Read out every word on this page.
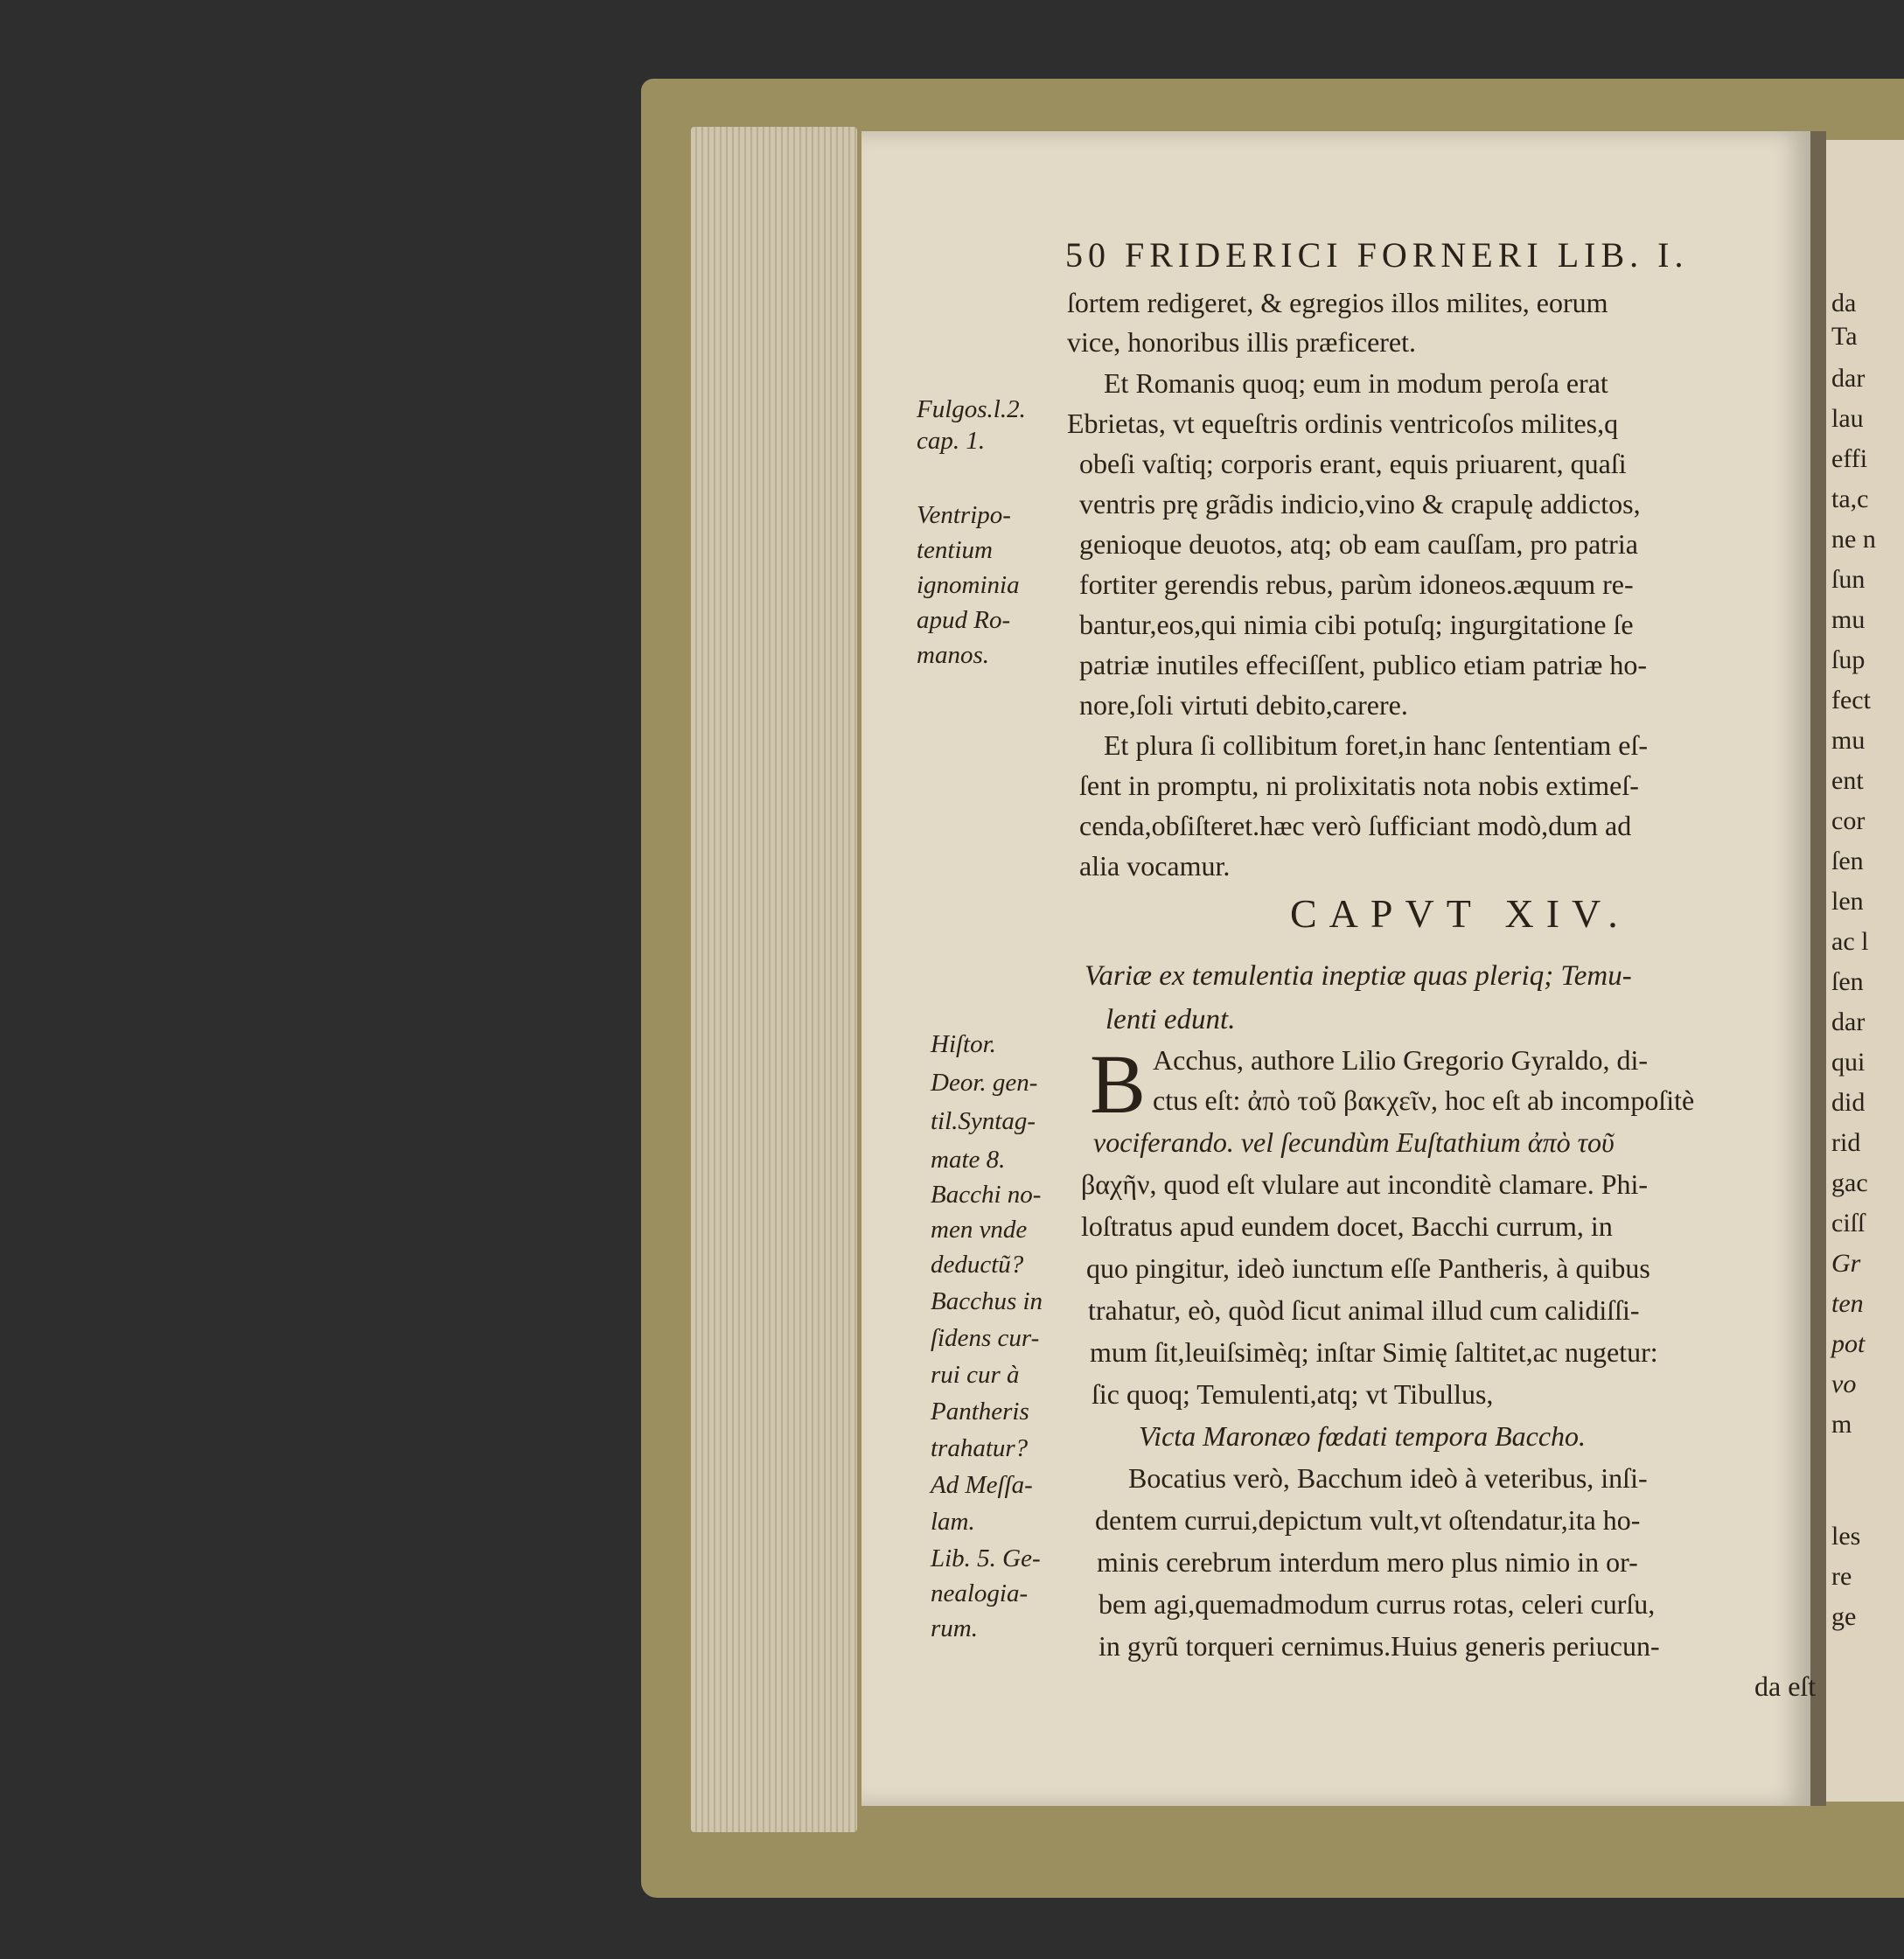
da
Ta
dar
lau
effi
ta,c
ne n
ſun
mu
ſup
fect
mu
ent
cor
ſen
len
ac l
ſen
dar
qui
did
rid
gac
ciſſ
Gr
ten
pot
vo
m
les
re
ge
50 FRIDERICI FORNERI LIB. I.
ſortem redigeret, & egregios illos milites, eorum
vice, honoribus illis præficeret.
Et Romanis quoq; eum in modum peroſa erat
Ebrietas, vt equeſtris ordinis ventricoſos milites,q
obeſi vaſtiq; corporis erant, equis priuarent, quaſi
ventris prę grãdis indicio,vino & crapulę addictos,
genioque deuotos, atq; ob eam cauſſam, pro patria
fortiter gerendis rebus, parùm idoneos.æquum re-
bantur,eos,qui nimia cibi potuſq; ingurgitatione ſe
patriæ inutiles effeciſſent, publico etiam patriæ ho-
nore,ſoli virtuti debito,carere.
Et plura ſi collibitum foret,in hanc ſententiam eſ-
ſent in promptu, ni prolixitatis nota nobis extimeſ-
cenda,obſiſteret.hæc verò ſufficiant modò,dum ad
alia vocamur.
CAPVT XIV.
Variæ ex temulentia ineptiæ quas pleriq; Temu-
lenti edunt.
B Acchus, authore Lilio Gregorio Gyraldo, di-
ctus eſt: ἀπὸ τοῦ βακχεῖν, hoc eſt ab incompoſitè
vociferando. vel ſecundùm Euſtathium ἀπὸ τοῦ
βαχῆν, quod eſt vlulare aut inconditè clamare. Phi-
loſtratus apud eundem docet, Bacchi currum, in
quo pingitur, ideò iunctum eſſe Pantheris, à quibus
trahatur, eò, quòd ſicut animal illud cum calidiſſi-
mum ſit,leuiſsimèq; inſtar Simię ſaltitet,ac nugetur:
ſic quoq; Temulenti,atq; vt Tibullus,
Victa Maronæo fœdati tempora Baccho.
Bocatius verò, Bacchum ideò à veteribus, inſi-
dentem currui,depictum vult,vt oſtendatur,ita ho-
minis cerebrum interdum mero plus nimio in or-
bem agi,quemadmodum currus rotas, celeri curſu,
in gyrũ torqueri cernimus.Huius generis periucun-
da eſt
Fulgos.l.2.
cap. 1.
Ventripo-
tentium
ignominia
apud Ro-
manos.
Hiſtor.
Deor. gen-
til.Syntag-
mate 8.
Bacchi no-
men vnde
deductũ?
Bacchus in
ſidens cur-
rui cur à
Pantheris
trahatur?
Ad Meſſa-
lam.
Lib. 5. Ge-
nealogia-
rum.
